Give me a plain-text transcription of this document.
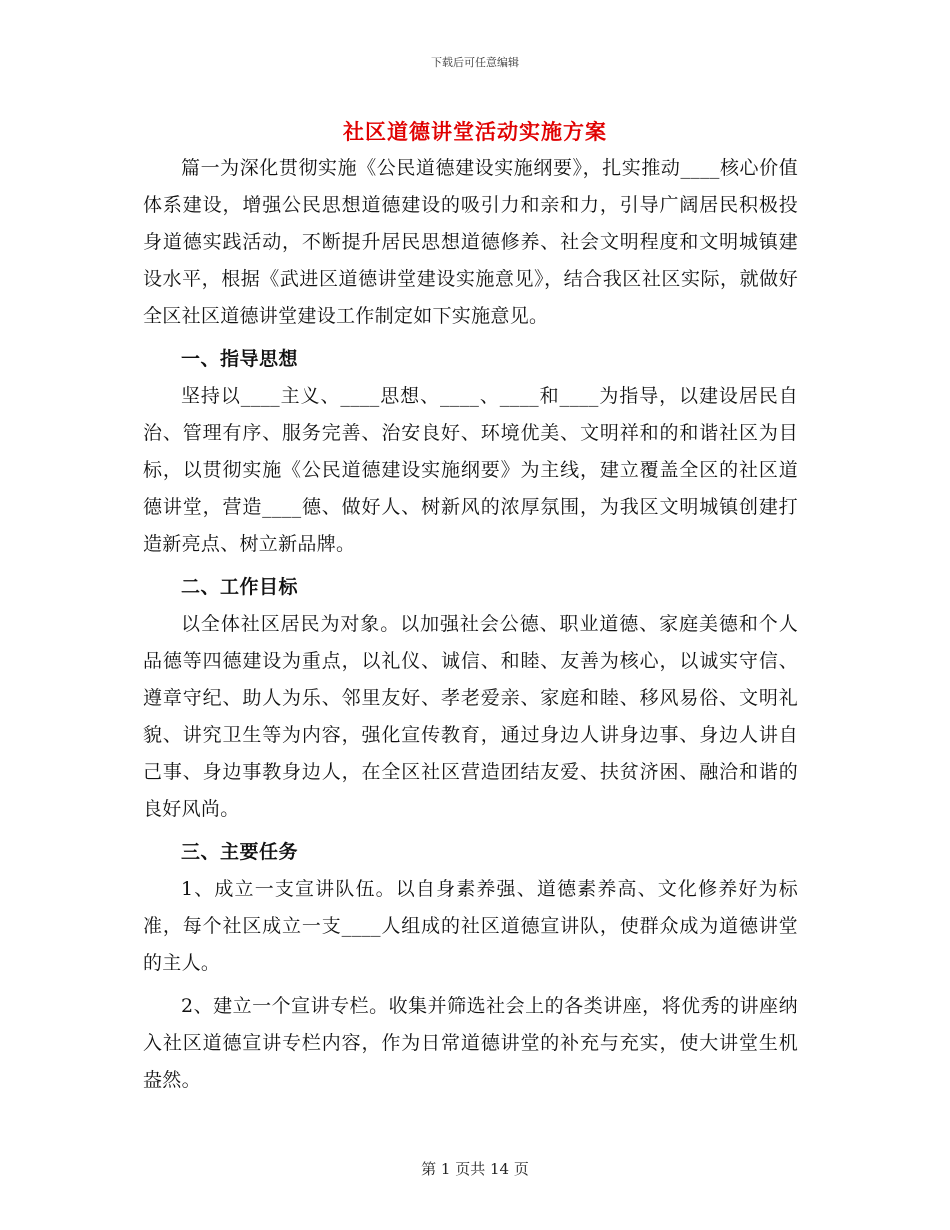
下载后可任意编辑
社区道德讲堂活动实施方案

篇一为深化贯彻实施《公民道德建设实施纲要》，扎实推动____核心价值体系建设，增强公民思想道德建设的吸引力和亲和力，引导广阔居民积极投身道德实践活动，不断提升居民思想道德修养、社会文明程度和文明城镇建设水平，根据《武进区道德讲堂建设实施意见》，结合我区社区实际，就做好全区社区道德讲堂建设工作制定如下实施意见。

一、指导思想

坚持以____主义、____思想、____、____和____为指导，以建设居民自治、管理有序、服务完善、治安良好、环境优美、文明祥和的和谐社区为目标，以贯彻实施《公民道德建设实施纲要》为主线，建立覆盖全区的社区道德讲堂，营造____德、做好人、树新风的浓厚氛围，为我区文明城镇创建打造新亮点、树立新品牌。

二、工作目标

以全体社区居民为对象。以加强社会公德、职业道德、家庭美德和个人品德等四德建设为重点，以礼仪、诚信、和睦、友善为核心，以诚实守信、遵章守纪、助人为乐、邻里友好、孝老爱亲、家庭和睦、移风易俗、文明礼貌、讲究卫生等为内容，强化宣传教育，通过身边人讲身边事、身边人讲自己事、身边事教身边人，在全区社区营造团结友爱、扶贫济困、融洽和谐的良好风尚。

三、主要任务

1、成立一支宣讲队伍。以自身素养强、道德素养高、文化修养好为标准，每个社区成立一支____人组成的社区道德宣讲队，使群众成为道德讲堂的主人。

2、建立一个宣讲专栏。收集并筛选社会上的各类讲座，将优秀的讲座纳入社区道德宣讲专栏内容，作为日常道德讲堂的补充与充实，使大讲堂生机盎然。

第 1 页共 14 页
